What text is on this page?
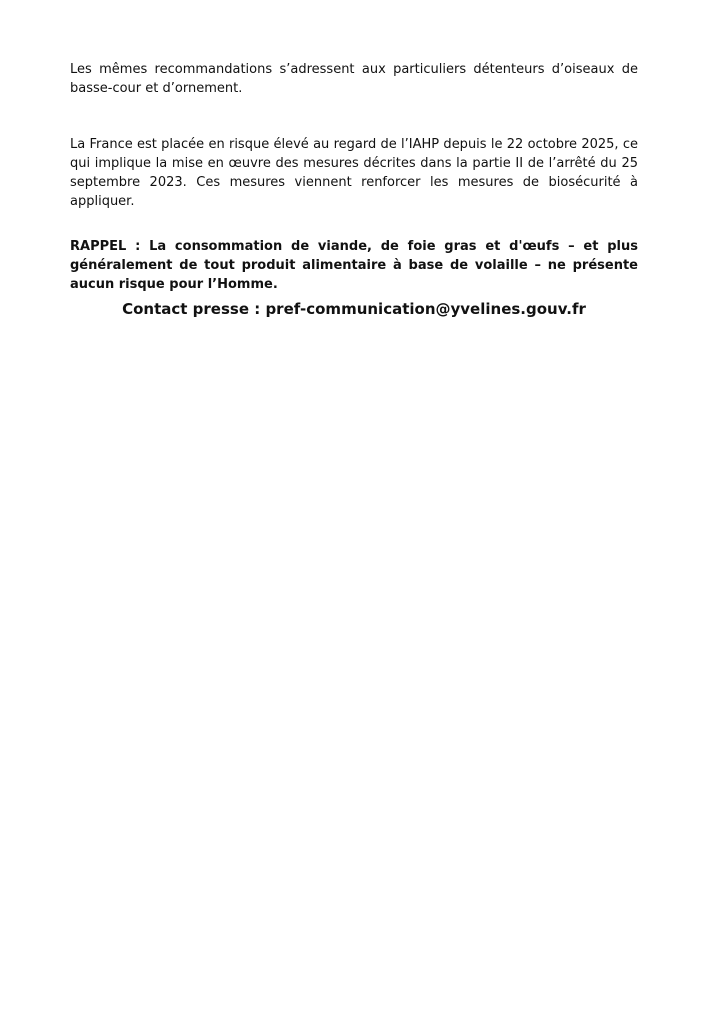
Les mêmes recommandations s’adressent aux particuliers détenteurs d’oiseaux de basse-cour et d’ornement.

La France est placée en risque élevé au regard de l’IAHP depuis le 22 octobre 2025, ce qui implique la mise en œuvre des mesures décrites dans la partie II de l’arrêté du 25 septembre 2023. Ces mesures viennent renforcer les mesures de biosécurité à appliquer.

RAPPEL : La consommation de viande, de foie gras et d'œufs – et plus généralement de tout produit alimentaire à base de volaille – ne présente aucun risque pour l’Homme.

Contact presse : pref-communication@yvelines.gouv.fr
